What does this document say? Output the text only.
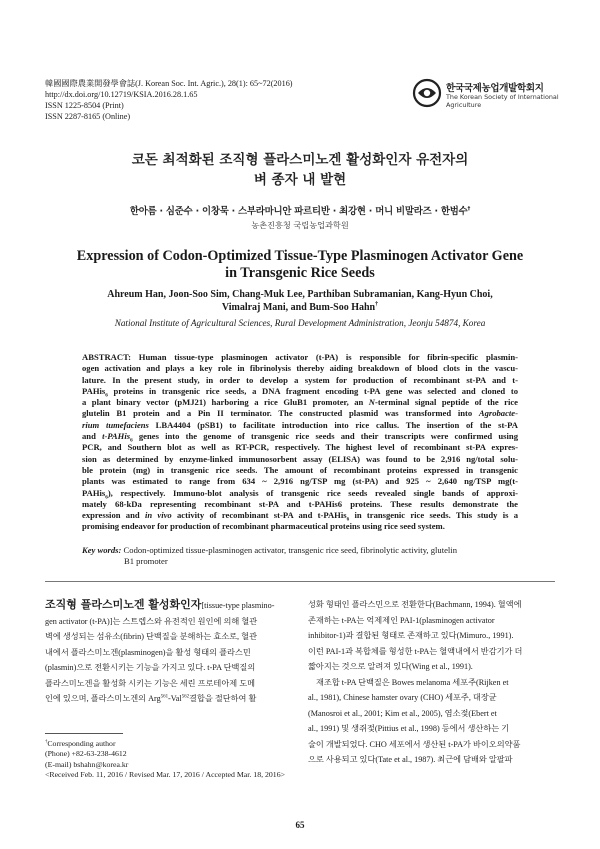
韓國國際農業開發學會誌(J. Korean Soc. Int. Agric.), 28(1): 65~72(2016)
http://dx.doi.org/10.12719/KSIA.2016.28.1.65
ISSN 1225-8504 (Print)
ISSN 2287-8165 (Online)
한국국제농업개발학회지
The Korean Society of International
Agriculture
코돈 최적화된 조직형 플라스미노겐 활성화인자 유전자의
벼 종자 내 발현
한아름 · 심준수 · 이창묵 · 스부라마니안 파르티반 · 최강현 · 머니 비말라즈 · 한범수†
농촌진흥청 국립농업과학원
Expression of Codon-Optimized Tissue-Type Plasminogen Activator Gene
in Transgenic Rice Seeds
Ahreum Han, Joon-Soo Sim, Chang-Muk Lee, Parthiban Subramanian, Kang-Hyun Choi,
Vimalraj Mani, and Bum-Soo Hahn†
National Institute of Agricultural Sciences, Rural Development Administration, Jeonju 54874, Korea
ABSTRACT: Human tissue-type plasminogen activator (t-PA) is responsible for fibrin-specific plasmin-
ogen activation and plays a key role in fibrinolysis thereby aiding breakdown of blood clots in the vascu-
lature. In the present study, in order to develop a system for production of recombinant st-PA and t-
PAHis$_6$ proteins in transgenic rice seeds, a DNA fragment encoding t-PA gene was selected and cloned to
a plant binary vector (pMJ21) harboring a rice GluB1 promoter, an N-terminal signal peptide of the rice
glutelin B1 protein and a Pin II terminator. The constructed plasmid was transformed into Agrobacte-
rium tumefaciens LBA4404 (pSB1) to facilitate introduction into rice callus. The insertion of the st-PA
and t-PAHis$_6$ genes into the genome of transgenic rice seeds and their transcripts were confirmed using
PCR, and Southern blot as well as RT-PCR, respectively. The highest level of recombinant st-PA expres-
sion as determined by enzyme-linked immunosorbent assay (ELISA) was found to be 2,916 ng/total solu-
ble protein (mg) in transgenic rice seeds. The amount of recombinant proteins expressed in transgenic
plants was estimated to range from 634 ~ 2,916 ng/TSP mg (st-PA) and 925 ~ 2,640 ng/TSP mg(t-
PAHis$_6$), respectively. Immuno-blot analysis of transgenic rice seeds revealed single bands of approxi-
mately 68-kDa representing recombinant st-PA and t-PAHis6 proteins. These results demonstrate the
expression and in vivo activity of recombinant st-PA and t-PAHis$_6$ in transgenic rice seeds. This study is a
promising endeavor for production of recombinant pharmaceutical proteins using rice seed system.
Key words: Codon-optimized tissue-plasminogen activator, transgenic rice seed, fibrinolytic activity, glutelin
B1 promoter
조직형 플라스미노겐 활성화인자[tissue-type plasmino-
gen activator (t-PA)]는 스트렙스와 유전적인 원인에 의해 혈관
벽에 생성되는 섬유소(fibrin) 단백질을 분해하는 효소로, 혈관
내에서 플라스미노겐(plasminogen)을 활성 형태의 플라스민
(plasmin)으로 전환시키는 기능을 가지고 있다. t-PA 단백질의
플라스미노겐을 활성화 시키는 기능은 세린 프로테아제 도메
인에 있으며, 플라스미노겐의 Arg$^{561}$-Val$^{562}$결합을 절단하여 활
성화 형태인 플라스민으로 전환한다(Bachmann, 1994). 혈액에
존재하는 t-PA는 억제제인 PAI-1(plasminogen activator
inhibitor-1)과 결합된 형태로 존재하고 있다(Mimuro., 1991).
이런 PAI-1과 복합체를 형성한 t-PA는 혈액내에서 반감기가 더
짧아지는 것으로 알려져 있다(Wing et al., 1991).
재조합 t-PA 단백질은 Bowes melanoma 세포주(Rijken et
al., 1981), Chinese hamster ovary (CHO) 세포주, 대장균
(Manosroi et al., 2001; Kim et al., 2005), 염소젖(Ebert et
al., 1991) 및 생쥐젖(Pittius et al., 1998) 등에서 생산하는 기
술이 개발되었다. CHO 세포에서 생산된 t-PA가 바이오의약품
으로 사용되고 있다(Tate et al., 1987). 최근에 담배와 알팔파
†Corresponding author
(Phone) +82-63-238-4612
(E-mail) bshahn@korea.kr
<Received Feb. 11, 2016 / Revised Mar. 17, 2016 / Accepted Mar. 18, 2016>
65
